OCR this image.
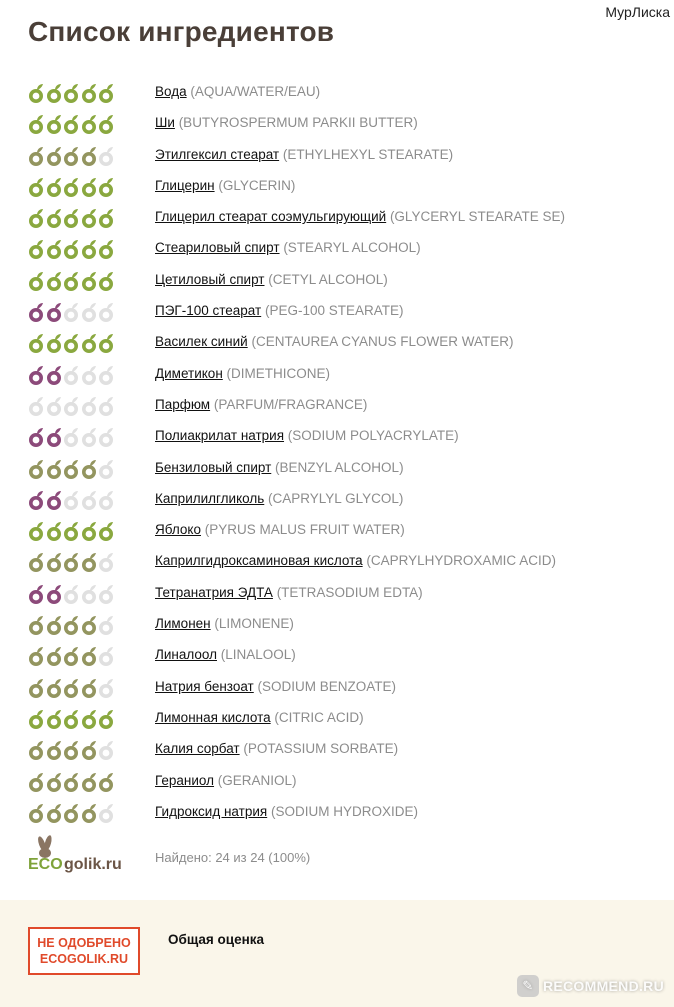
МурЛиска
Список ингредиентов
Вода (AQUA/WATER/EAU)
Ши (BUTYROSPERMUM PARKII BUTTER)
Этилгексил стеарат (ETHYLHEXYL STEARATE)
Глицерин (GLYCERIN)
Глицерил стеарат соэмульгирующий (GLYCERYL STEARATE SE)
Стеариловый спирт (STEARYL ALCOHOL)
Цетиловый спирт (CETYL ALCOHOL)
ПЭГ-100 стеарат (PEG-100 STEARATE)
Василек синий (CENTAUREA CYANUS FLOWER WATER)
Диметикон (DIMETHICONE)
Парфюм (PARFUM/FRAGRANCE)
Полиакрилат натрия (SODIUM POLYACRYLATE)
Бензиловый спирт (BENZYL ALCOHOL)
Каприлилгликоль (CAPRYLYL GLYCOL)
Яблоко (PYRUS MALUS FRUIT WATER)
Каприлгидроксаминовая кислота (CAPRYLHYDROXAMIC ACID)
Тетранатрия ЭДТА (TETRASODIUM EDTA)
Лимонен (LIMONENE)
Линалоол (LINALOOL)
Натрия бензоат (SODIUM BENZOATE)
Лимонная кислота (CITRIC ACID)
Калия сорбат (POTASSIUM SORBATE)
Гераниол (GERANIOL)
Гидроксид натрия (SODIUM HYDROXIDE)
ECO golik.ru	Найдено: 24 из 24 (100%)
НЕ ОДОБРЕНО
ECOGOLIK.RU
Общая оценка
✎ RECOMMEND.RU
